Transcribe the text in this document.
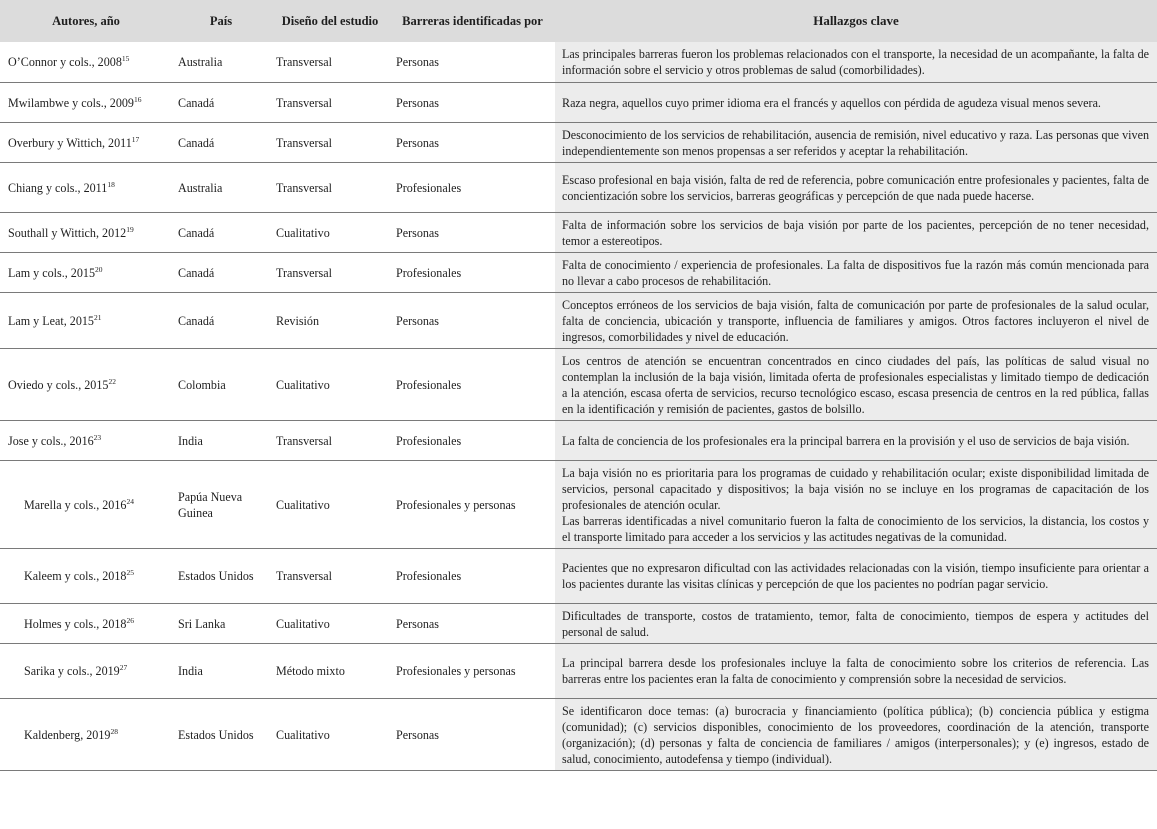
Autores, año	País	Diseño del estudio	Barreras identificadas por	Hallazgos clave
O’Connor y cols., 2008$^{15}$	Australia	Transversal	Personas	Las principales barreras fueron los problemas relacionados con el transporte, la necesidad de un acompañante, la falta de información sobre el servicio y otros problemas de salud (comorbilidades).

Mwilambwe y cols., 2009$^{16}$	Canadá	Transversal	Personas	Raza negra, aquellos cuyo primer idioma era el francés y aquellos con pérdida de agudeza visual menos severa.

Overbury y Wittich, 2011$^{17}$	Canadá	Transversal	Personas	Desconocimiento de los servicios de rehabilitación, ausencia de remisión, nivel educativo y raza. Las personas que viven independientemente son menos propensas a ser referidos y aceptar la rehabilitación.

Chiang y cols., 2011$^{18}$	Australia	Transversal	Profesionales	Escaso profesional en baja visión, falta de red de referencia, pobre comunicación entre profesionales y pacientes, falta de concientización sobre los servicios, barreras geográficas y percepción de que nada puede hacerse.

Southall y Wittich, 2012$^{19}$	Canadá	Cualitativo	Personas	Falta de información sobre los servicios de baja visión por parte de los pacientes, percepción de no tener necesidad, temor a estereotipos.

Lam y cols., 2015$^{20}$	Canadá	Transversal	Profesionales	Falta de conocimiento / experiencia de profesionales. La falta de dispositivos fue la razón más común mencionada para no llevar a cabo procesos de rehabilitación.

Lam y Leat, 2015$^{21}$	Canadá	Revisión	Personas	Conceptos erróneos de los servicios de baja visión, falta de comunicación por parte de profesionales de la salud ocular, falta de conciencia, ubicación y transporte, influencia de familiares y amigos. Otros factores incluyeron el nivel de ingresos, comorbilidades y nivel de educación.

Oviedo y cols., 2015$^{22}$	Colombia	Cualitativo	Profesionales	Los centros de atención se encuentran concentrados en cinco ciudades del país, las políticas de salud visual no contemplan la inclusión de la baja visión, limitada oferta de profesionales especialistas y limitado tiempo de dedicación a la atención, escasa oferta de servicios, recurso tecnológico escaso, escasa presencia de centros en la red pública, fallas en la identificación y remisión de pacientes, gastos de bolsillo.

Jose y cols., 2016$^{23}$	India	Transversal	Profesionales	La falta de conciencia de los profesionales era la principal barrera en la provisión y el uso de servicios de baja visión.

Marella y cols., 2016$^{24}$	Papúa Nueva Guinea	Cualitativo	Profesionales y personas	La baja visión no es prioritaria para los programas de cuidado y rehabilitación ocular; existe disponibilidad limitada de servicios, personal capacitado y dispositivos; la baja visión no se incluye en los programas de capacitación de los profesionales de atención ocular.
Las barreras identificadas a nivel comunitario fueron la falta de conocimiento de los servicios, la distancia, los costos y el transporte limitado para acceder a los servicios y las actitudes negativas de la comunidad.

Kaleem y cols., 2018$^{25}$	Estados Unidos	Transversal	Profesionales	Pacientes que no expresaron dificultad con las actividades relacionadas con la visión, tiempo insuficiente para orientar a los pacientes durante las visitas clínicas y percepción de que los pacientes no podrían pagar servicio.

Holmes y cols., 2018$^{26}$	Sri Lanka	Cualitativo	Personas	Dificultades de transporte, costos de tratamiento, temor, falta de conocimiento, tiempos de espera y actitudes del personal de salud.

Sarika y cols., 2019$^{27}$	India	Método mixto	Profesionales y personas	La principal barrera desde los profesionales incluye la falta de conocimiento sobre los criterios de referencia. Las barreras entre los pacientes eran la falta de conocimiento y comprensión sobre la necesidad de servicios.

Kaldenberg, 2019$^{28}$	Estados Unidos	Cualitativo	Personas	Se identificaron doce temas: (a) burocracia y financiamiento (política pública); (b) conciencia pública y estigma (comunidad); (c) servicios disponibles, conocimiento de los proveedores, coordinación de la atención, transporte (organización); (d) personas y falta de conciencia de familiares / amigos (interpersonales); y (e) ingresos, estado de salud, conocimiento, autodefensa y tiempo (individual).
